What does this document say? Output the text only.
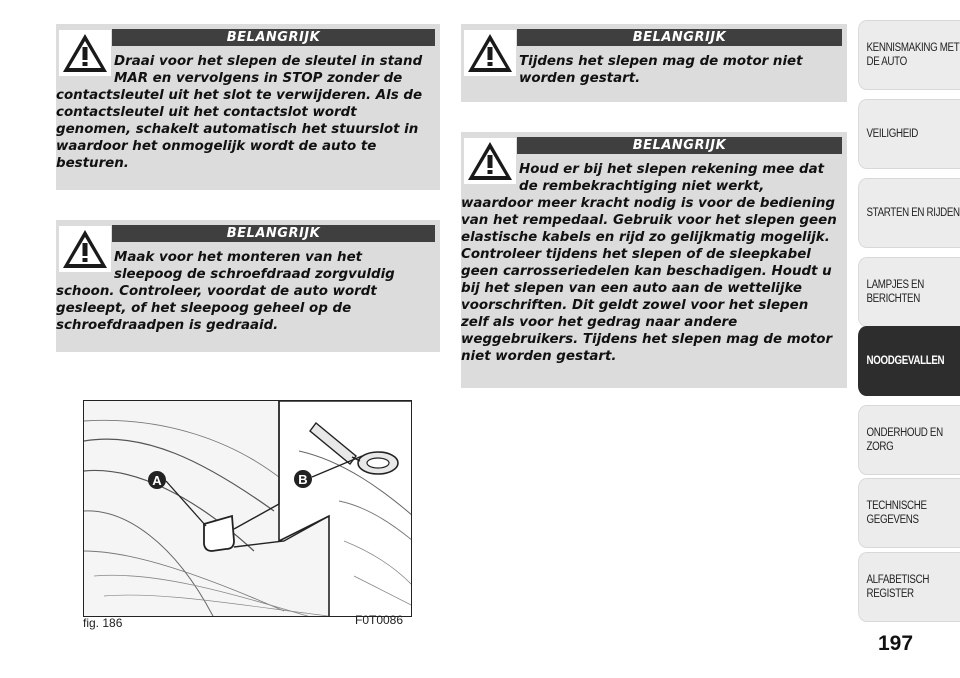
BELANGRIJK
Draai voor het slepen de sleutel in stand MAR en vervolgens in STOP zonder de
contactsleutel uit het slot te verwijderen. Als de contactsleutel uit het contactslot wordt genomen, schakelt automatisch het stuurslot in waardoor het onmogelijk wordt de auto te besturen.
BELANGRIJK
Maak voor het monteren van het sleepoog de schroefdraad zorgvuldig
schoon. Controleer, voordat de auto wordt gesleept, of het sleepoog geheel op de schroefdraadpen is gedraaid.
BELANGRIJK
Tijdens het slepen mag de motor niet worden gestart.
BELANGRIJK
Houd er bij het slepen rekening mee dat de rembekrachtiging niet werkt,
waardoor meer kracht nodig is voor de bediening van het rempedaal. Gebruik voor het slepen geen elastische kabels en rijd zo gelijkmatig mogelijk. Controleer tijdens het slepen of de sleepkabel geen carrosseriedelen kan beschadigen. Houdt u bij het slepen van een auto aan de wettelijke voorschriften. Dit geldt zowel voor het slepen zelf als voor het gedrag naar andere weggebruikers. Tijdens het slepen mag de motor niet worden gestart.
A	B
fig. 186	F0T0086
KENNISMAKING MET DE AUTO
VEILIGHEID
STARTEN EN RIJDEN
LAMPJES EN BERICHTEN
NOODGEVALLEN
ONDERHOUD EN ZORG
TECHNISCHE GEGEVENS
ALFABETISCH REGISTER
197
